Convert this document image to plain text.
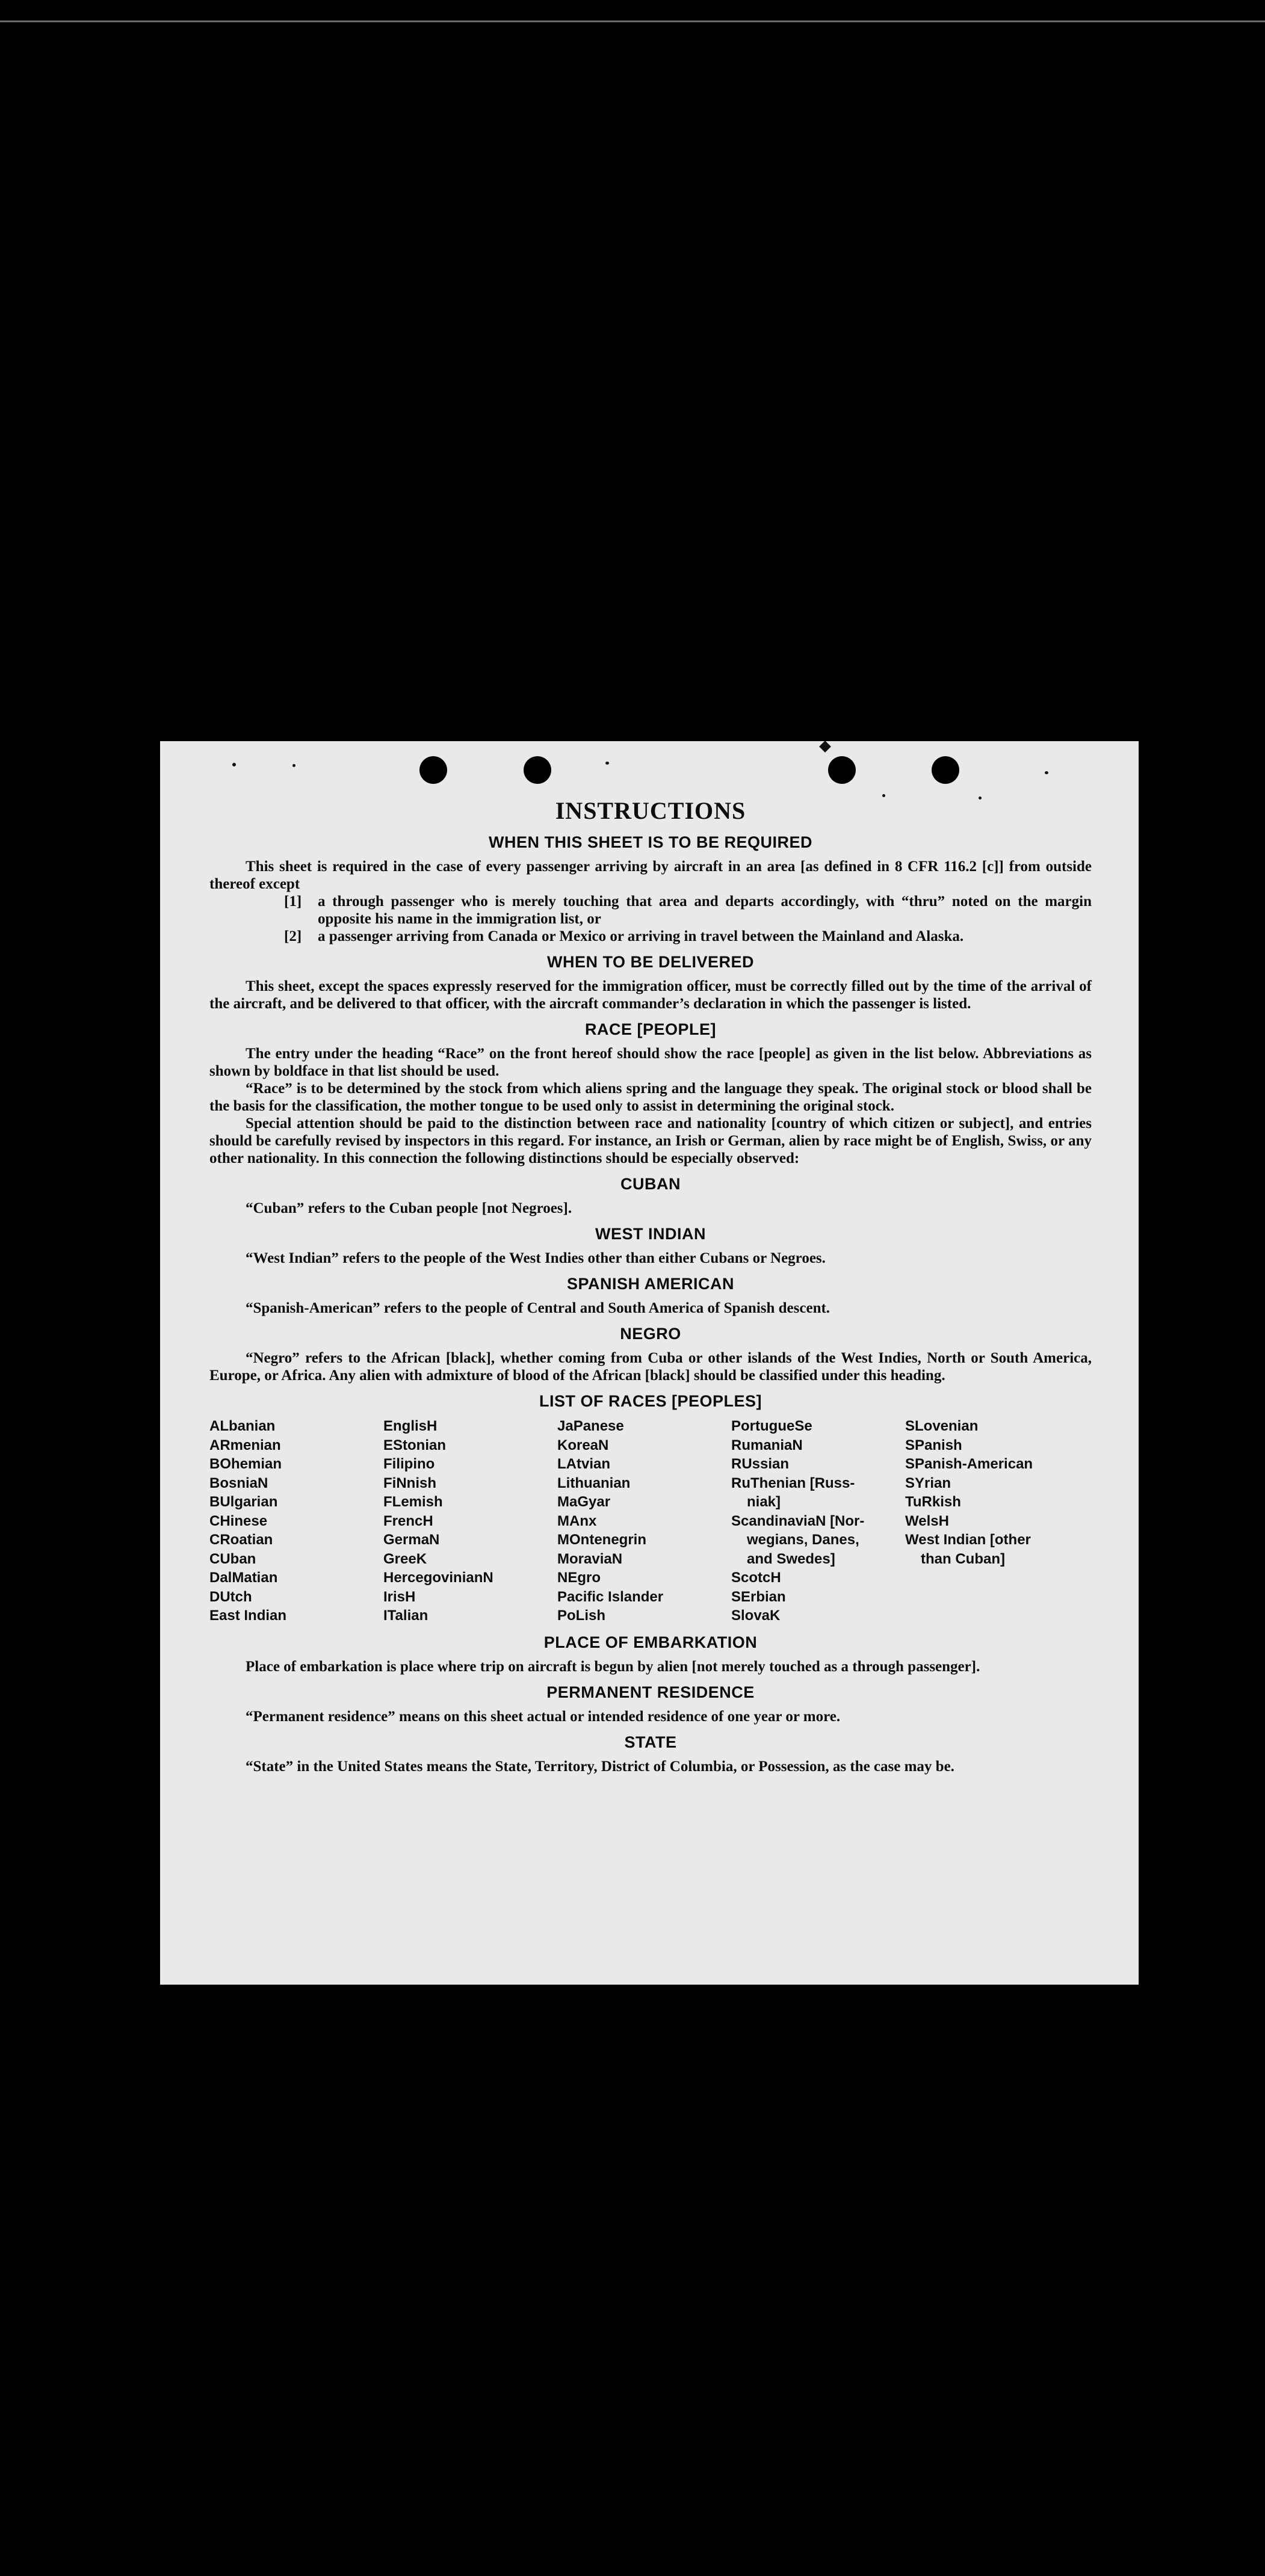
INSTRUCTIONS
WHEN THIS SHEET IS TO BE REQUIRED

This sheet is required in the case of every passenger arriving by aircraft in an area [as defined in 8 CFR 116.2 [c]] from outside thereof except

[1]	a through passenger who is merely touching that area and departs accordingly, with “thru” noted on the margin opposite his name in the immigration list, or
[2]	a passenger arriving from Canada or Mexico or arriving in travel between the Mainland and Alaska.
WHEN TO BE DELIVERED

This sheet, except the spaces expressly reserved for the immigration officer, must be correctly filled out by the time of the arrival of the aircraft, and be delivered to that officer, with the aircraft commander’s declaration in which the passenger is listed.

RACE [PEOPLE]

The entry under the heading “Race” on the front hereof should show the race [people] as given in the list below. Abbreviations as shown by boldface in that list should be used.

“Race” is to be determined by the stock from which aliens spring and the language they speak. The original stock or blood shall be the basis for the classification, the mother tongue to be used only to assist in determining the original stock.

Special attention should be paid to the distinction between race and nationality [country of which citizen or subject], and entries should be carefully revised by inspectors in this regard. For instance, an Irish or German, alien by race might be of English, Swiss, or any other nationality. In this connection the following distinctions should be especially observed:

CUBAN

“Cuban” refers to the Cuban people [not Negroes].

WEST INDIAN

“West Indian” refers to the people of the West Indies other than either Cubans or Negroes.

SPANISH AMERICAN

“Spanish-American” refers to the people of Central and South America of Spanish descent.

NEGRO

“Negro” refers to the African [black], whether coming from Cuba or other islands of the West Indies, North or South America, Europe, or Africa. Any alien with admixture of blood of the African [black] should be classified under this heading.

LIST OF RACES [PEOPLES]
ALbanian
ARmenian
BOhemian
BosniaN
BUlgarian
CHinese
CRoatian
CUban
DalMatian
DUtch
East Indian
EnglisH
EStonian
Filipino
FiNnish
FLemish
FrencH
GermaN
GreeK
HercegovinianN
IrisH
ITalian
JaPanese
KoreaN
LAtvian
Lithuanian
MaGyar
MAnx
MOntenegrin
MoraviaN
NEgro
Pacific Islander
PoLish
PortugueSe
RumaniaN
RUssian
RuThenian [Russ-
niak]
ScandinaviaN [Nor-
wegians, Danes,
and Swedes]
ScotcH
SErbian
SlovaK
SLovenian
SPanish
SPanish-American
SYrian
TuRkish
WelsH
West Indian [other
than Cuban]
PLACE OF EMBARKATION

Place of embarkation is place where trip on aircraft is begun by alien [not merely touched as a through passenger].

PERMANENT RESIDENCE

“Permanent residence” means on this sheet actual or intended residence of one year or more.

STATE

“State” in the United States means the State, Territory, District of Columbia, or Possession, as the case may be.
